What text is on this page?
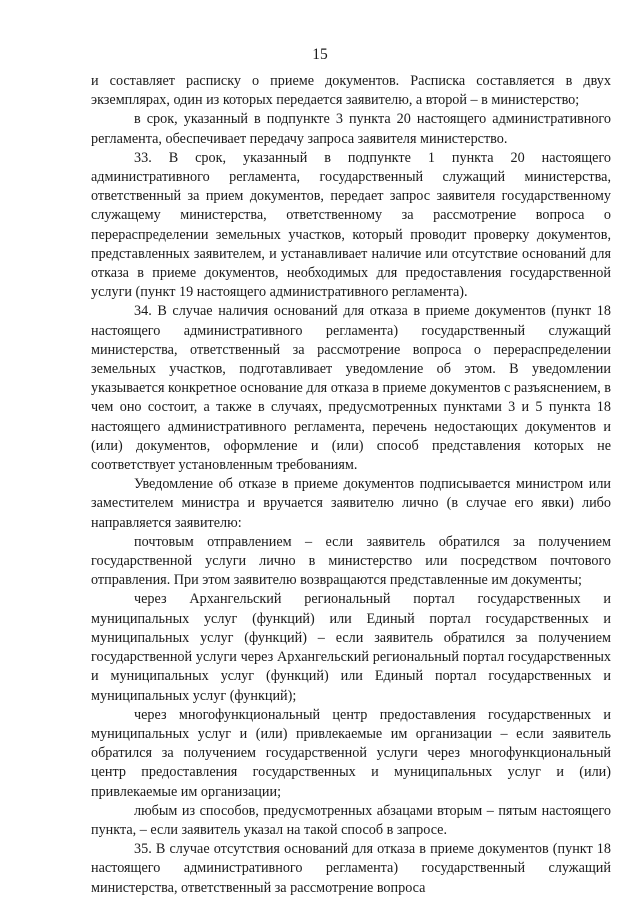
15

и составляет расписку о приеме документов. Расписка составляется в двух экземплярах, один из которых передается заявителю, а второй – в министерство;

в срок, указанный в подпункте 3 пункта 20 настоящего административного регламента, обеспечивает передачу запроса заявителя министерство.

33. В срок, указанный в подпункте 1 пункта 20 настоящего административного регламента, государственный служащий министерства, ответственный за прием документов, передает запрос заявителя государственному служащему министерства, ответственному за рассмотрение вопроса о перераспределении земельных участков, который проводит проверку документов, представленных заявителем, и устанавливает наличие или отсутствие оснований для отказа в приеме документов, необходимых для предоставления государственной услуги (пункт 19 настоящего административного регламента).

34. В случае наличия оснований для отказа в приеме документов (пункт 18 настоящего административного регламента) государственный служащий министерства, ответственный за рассмотрение вопроса о перераспределении земельных участков, подготавливает уведомление об этом. В уведомлении указывается конкретное основание для отказа в приеме документов с разъяснением, в чем оно состоит, а также в случаях, предусмотренных пунктами 3 и 5 пункта 18 настоящего административного регламента, перечень недостающих документов и (или) документов, оформление и (или) способ представления которых не соответствует установленным требованиям.

Уведомление об отказе в приеме документов подписывается министром или заместителем министра и вручается заявителю лично (в случае его явки) либо направляется заявителю:

почтовым отправлением – если заявитель обратился за получением государственной услуги лично в министерство или посредством почтового отправления. При этом заявителю возвращаются представленные им документы;

через Архангельский региональный портал государственных и муниципальных услуг (функций) или Единый портал государственных и муниципальных услуг (функций) – если заявитель обратился за получением государственной услуги через Архангельский региональный портал государственных и муниципальных услуг (функций) или Единый портал государственных и муниципальных услуг (функций);

через многофункциональный центр предоставления государственных и муниципальных услуг и (или) привлекаемые им организации – если заявитель обратился за получением государственной услуги через многофункциональный центр предоставления государственных и муниципальных услуг и (или) привлекаемые им организации;

любым из способов, предусмотренных абзацами вторым – пятым настоящего пункта, – если заявитель указал на такой способ в запросе.

35. В случае отсутствия оснований для отказа в приеме документов (пункт 18 настоящего административного регламента) государственный служащий министерства, ответственный за рассмотрение вопроса
